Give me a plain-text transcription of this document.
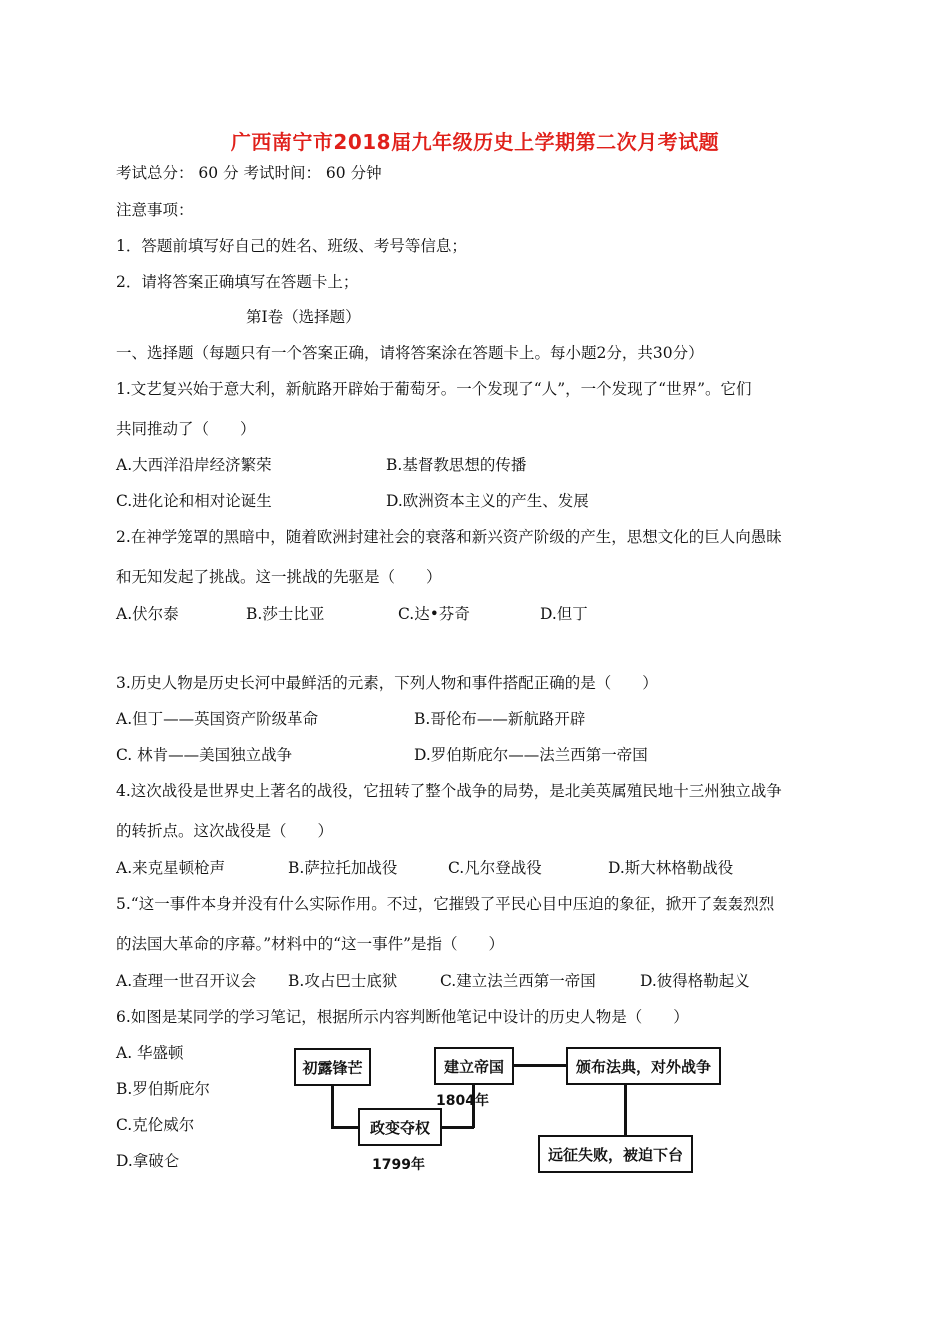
广西南宁市2018届九年级历史上学期第二次月考试题
考试总分： 60 分 考试时间： 60 分钟
注意事项：
1．答题前填写好自己的姓名、班级、考号等信息；
2．请将答案正确填写在答题卡上；
第Ⅰ卷（选择题）
一、选择题（每题只有一个答案正确，请将答案涂在答题卡上。每小题2分，共30分）
1.文艺复兴始于意大利，新航路开辟始于葡萄牙。一个发现了“人”，一个发现了“世界”。它们
共同推动了（　　）
A.大西洋沿岸经济繁荣	B.基督教思想的传播
C.进化论和相对论诞生	D.欧洲资本主义的产生、发展
2.在神学笼罩的黑暗中，随着欧洲封建社会的衰落和新兴资产阶级的产生，思想文化的巨人向愚昧
和无知发起了挑战。这一挑战的先驱是（　　）
A.伏尔泰	B.莎士比亚	C.达•芬奇	D.但丁
3.历史人物是历史长河中最鲜活的元素，下列人物和事件搭配正确的是（　　）
A.但丁——英国资产阶级革命	B.哥伦布——新航路开辟
C. 林肯——美国独立战争	D.罗伯斯庇尔——法兰西第一帝国
4.这次战役是世界史上著名的战役，它扭转了整个战争的局势，是北美英属殖民地十三州独立战争
的转折点。这次战役是（　　）
A.来克星顿枪声	B.萨拉托加战役	C.凡尔登战役	D.斯大林格勒战役
5.“这一事件本身并没有什么实际作用。不过，它摧毁了平民心目中压迫的象征，掀开了轰轰烈烈
的法国大革命的序幕。”材料中的“这一事件”是指（　　）
A.查理一世召开议会 B.攻占巴士底狱	C.建立法兰西第一帝国	D.彼得格勒起义
6.如图是某同学的学习笔记，根据所示内容判断他笔记中设计的历史人物是（　　）
A. 华盛顿
B.罗伯斯庇尔
C.克伦威尔
D.拿破仑
初露锋芒
政变夺权
建立帝国	颁布法典，对外战争
远征失败，被迫下台
1799年
1804年
